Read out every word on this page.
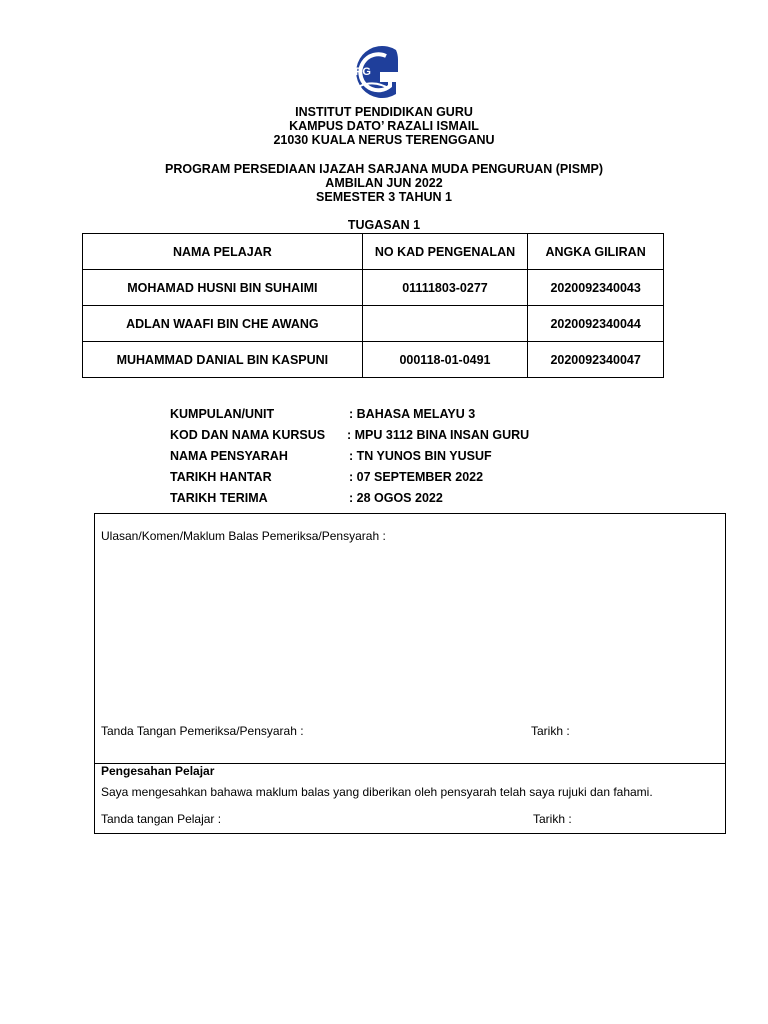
IPG
INSTITUT PENDIDIKAN GURU
KAMPUS DATO’ RAZALI ISMAIL
21030 KUALA NERUS TERENGGANU
PROGRAM PERSEDIAAN IJAZAH SARJANA MUDA PENGURUAN (PISMP)
AMBILAN JUN 2022
SEMESTER 3 TAHUN 1
TUGASAN 1
NAMA PELAJAR	NO KAD PENGENALAN	ANGKA GILIRAN
MOHAMAD HUSNI BIN SUHAIMI	01111803-0277	2020092340043
ADLAN WAAFI BIN CHE AWANG		2020092340044
MUHAMMAD DANIAL BIN KASPUNI	000118-01-0491	2020092340047
KUMPULAN/UNIT	: BAHASA MELAYU 3
KOD DAN NAMA KURSUS : MPU 3112 BINA INSAN GURU
NAMA PENSYARAH	: TN YUNOS BIN YUSUF
TARIKH HANTAR	: 07 SEPTEMBER 2022
TARIKH TERIMA	: 28 OGOS 2022
Ulasan/Komen/Maklum Balas Pemeriksa/Pensyarah :
Tanda Tangan Pemeriksa/Pensyarah :	Tarikh :
Pengesahan Pelajar
Saya mengesahkan bahawa maklum balas yang diberikan oleh pensyarah telah saya rujuki dan fahami.
Tanda tangan Pelajar :	Tarikh :
